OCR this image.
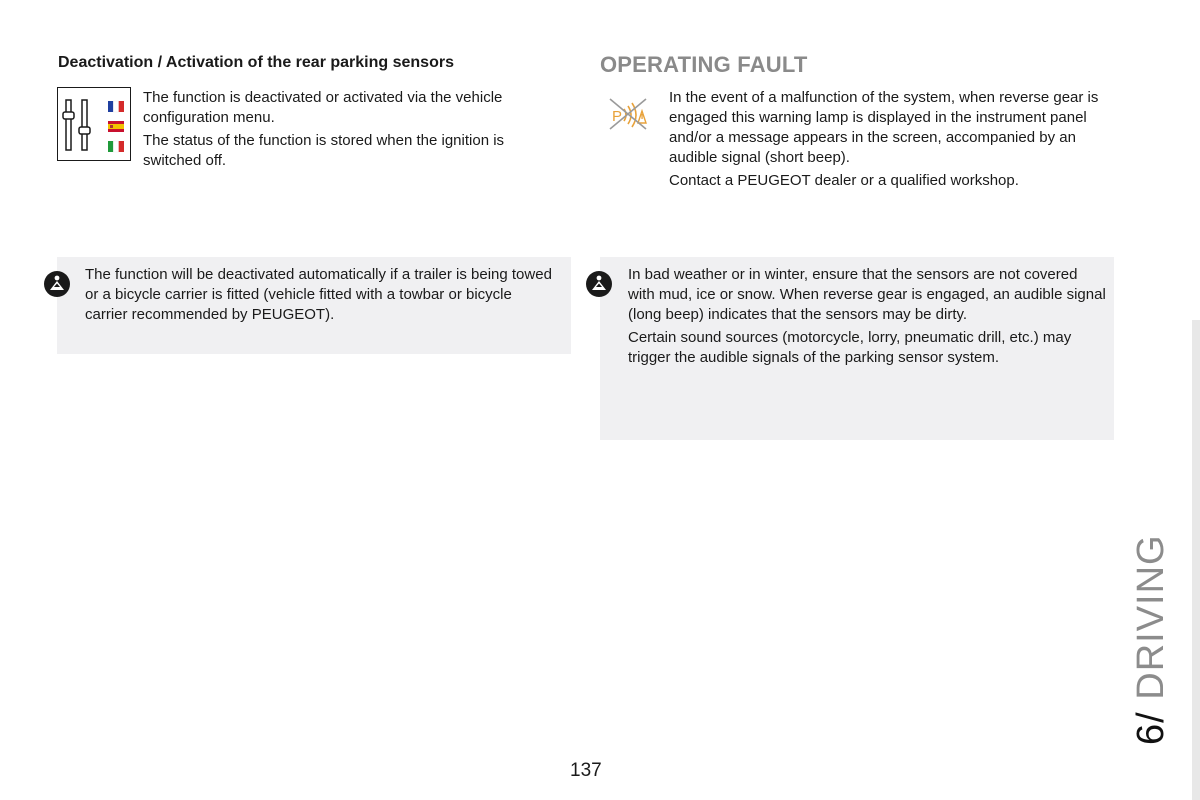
Deactivation / Activation of the rear parking sensors

The function is deactivated or activated via the vehicle configuration menu.

The status of the function is stored when the ignition is switched off.

OPERATING FAULT
P

In the event of a malfunction of the system, when reverse gear is engaged this warning lamp is displayed in the instrument panel and/or a message appears in the screen, accompanied by an audible signal (short beep).

Contact a PEUGEOT dealer or a qualified workshop.

The function will be deactivated automatically if a trailer is being towed or a bicycle carrier is fitted (vehicle fitted with a towbar or bicycle carrier recommended by PEUGEOT).

In bad weather or in winter, ensure that the sensors are not covered with mud, ice or snow. When reverse gear is engaged, an audible signal (long beep) indicates that the sensors may be dirty.

Certain sound sources (motorcycle, lorry, pneumatic drill, etc.) may trigger the audible signals of the parking sensor system.

6/ DRIVING
137
